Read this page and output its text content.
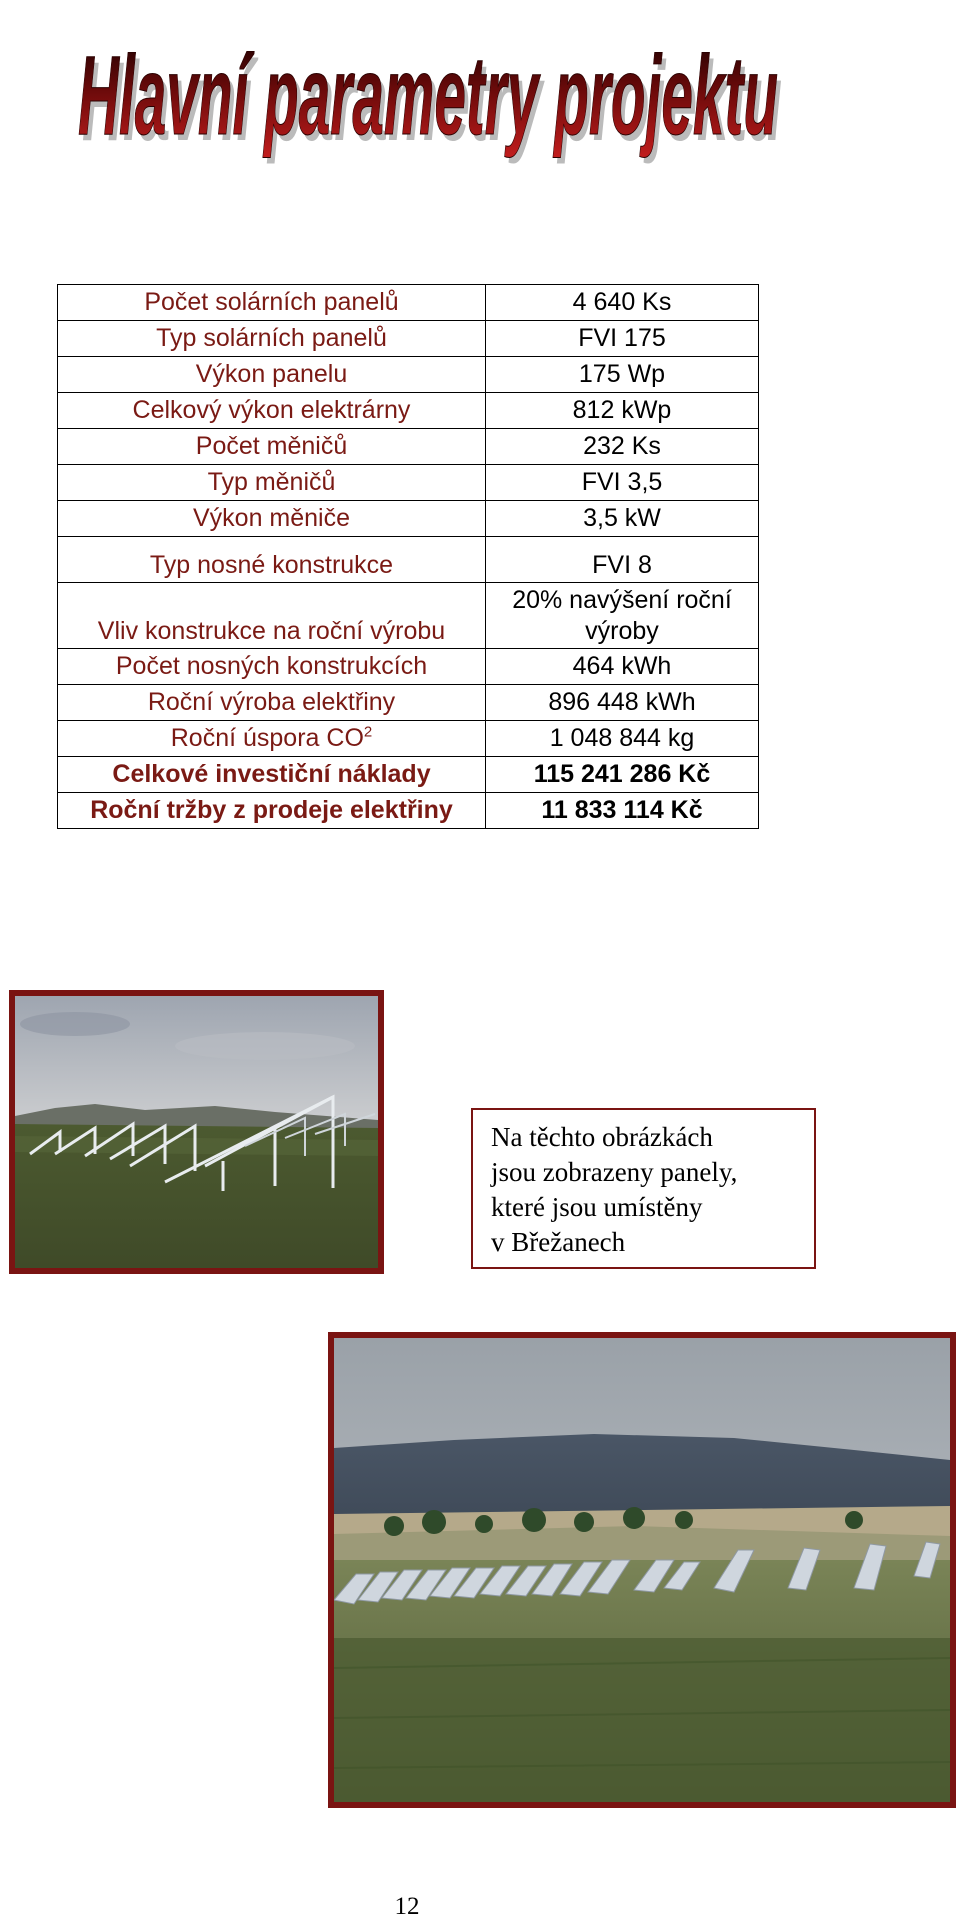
Hlavní parametry projektu
Hlavní parametry projektu
Počet solárních panelů	4 640 Ks
Typ solárních panelů	FVI 175
Výkon panelu	175 Wp
Celkový výkon elektrárny	812 kWp
Počet měničů	232 Ks
Typ měničů	FVI 3,5
Výkon měniče	3,5 kW
Typ nosné konstrukce	FVI 8
Vliv konstrukce na roční výrobu	20% navýšení roční
výroby

Počet nosných konstrukcích	464 kWh
Roční výroba elektřiny	896 448 kWh
Roční úspora $CO^2$	1 048 844 kg
Celkové investiční náklady	115 241 286 Kč
Roční tržby z prodeje elektřiny	11 833 114 Kč
Na těchto obrázkách
jsou zobrazeny panely,
které jsou umístěny
v Břežanech
12
